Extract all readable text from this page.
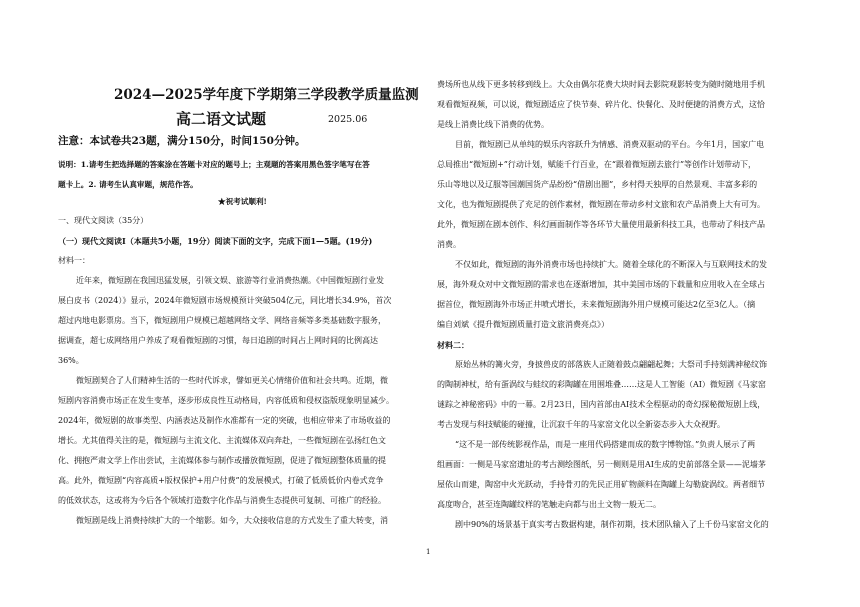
2024—2025学年度下学期第三学段教学质量监测
高二语文试题	2025.06
注意：本试卷共23题，满分150分，时间150分钟。
说明：1.请考生把选择题的答案涂在答题卡对应的题号上；主观题的答案用黑色签字笔写在答
题卡上。2. 请考生认真审题，规范作答。
★祝考试顺利!
一、现代文阅读（35分）
（一）现代文阅读Ⅰ（本题共5小题，19分）阅读下面的文字，完成下面1—5题。(19分)
材料一：
近年来，微短剧在我国迅猛发展，引领文娱、旅游等行业消费热潮。《中国微短剧行业发
展白皮书（2024）》显示，2024年微短剧市场规模预计突破504亿元，同比增长34.9%，首次
超过内地电影票房。当下，微短剧用户规模已超越网络文学、网络音频等多类基础数字服务，
据调查，超七成网络用户养成了观看微短剧的习惯，每日追剧的时间占上网时间的比例高达
36%。
微短剧契合了人们精神生活的一些时代诉求，譬如更关心情绪价值和社会共鸣。近期，微
短剧内容消费市场正在发生变革，逐步形成良性互动格局，内容低质和侵权盗版现象明显减少。
2024年，微短剧的故事类型、内涵表达及制作水准都有一定的突破，也相应带来了市场收益的
增长。尤其值得关注的是，微短剧与主流文化、主流媒体双向奔赴，一些微短剧在弘扬红色文
化、拥抱严肃文学上作出尝试，主流媒体参与制作或播放微短剧，促进了微短剧整体质量的提
高。此外，微短剧“内容高质+版权保护+用户付费”的发展模式，打破了低质低价内卷式竞争
的低效状态，这或将为今后各个领域打造数字化作品与消费生态提供可复制、可推广的经验。
微短剧是线上消费持续扩大的一个缩影。如今，大众接收信息的方式发生了重大转变，消
费场所也从线下更多转移到线上。大众由偶尔花费大块时间去影院观影转变为随时随地用手机
观看微短视频，可以说，微短剧适应了快节奏、碎片化、快餐化、及时便捷的消费方式，这恰
是线上消费比线下消费的优势。
目前，微短剧已从单纯的娱乐内容跃升为情感、消费双驱动的平台。今年1月，国家广电
总局推出“微短剧+”行动计划，赋能千行百业，在“跟着微短剧去旅行”等创作计划带动下，
乐山等地以及辽服等国潮国货产品纷纷“借剧出圈”，乡村得天独厚的自然景观、丰富多彩的
文化，也为微短剧提供了充足的创作素材，微短剧在带动乡村文旅和农产品消费上大有可为。
此外，微短剧在剧本创作、科幻画面制作等各环节大量使用最新科技工具，也带动了科技产品
消费。
不仅如此，微短剧的海外消费市场也持续扩大。随着全球化的不断深入与互联网技术的发
展，海外观众对中文微短剧的需求也在逐渐增加，其中美国市场的下载量和应用收入在全球占
据首位，微短剧海外市场正井喷式增长，未来微短剧海外用户规模可能达2亿至3亿人。（摘
编自刘斌《提升微短剧质量打造文旅消费亮点》）
材料二：
原始丛林的篝火旁，身披兽皮的部落族人正随着鼓点翩翩起舞；大祭司手持刻满神秘纹饰
的陶制神杖，给有蛋涡纹与蛙纹的彩陶罐在用围堆叠……这是人工智能（AI）微短剧《马家窑
谜踪之神秘密码》中的一幕。2月23日，国内首部由AI技术全程驱动的奇幻探秘微短剧上线，
考古发现与科技赋能的碰撞，让沉寂千年的马家窑文化以全新姿态步入大众视野。
“这不是一部传统影视作品，而是一座用代码搭建而成的数字博物馆。”负责人展示了两
组画面：一侧是马家窑遗址的考古测绘图纸，另一侧则是用AI生成的史前部落全景——泥墙茅
屋依山而建，陶窑中火光跃动，手持骨刃的先民正用矿物颜料在陶罐上勾勒旋涡纹。两者细节
高度吻合，甚至连陶罐纹样的笔触走向都与出土文物一般无二。
剧中90%的场景基于真实考古数据构建，制作初期，技术团队输入了上千份马家窑文化的
1
